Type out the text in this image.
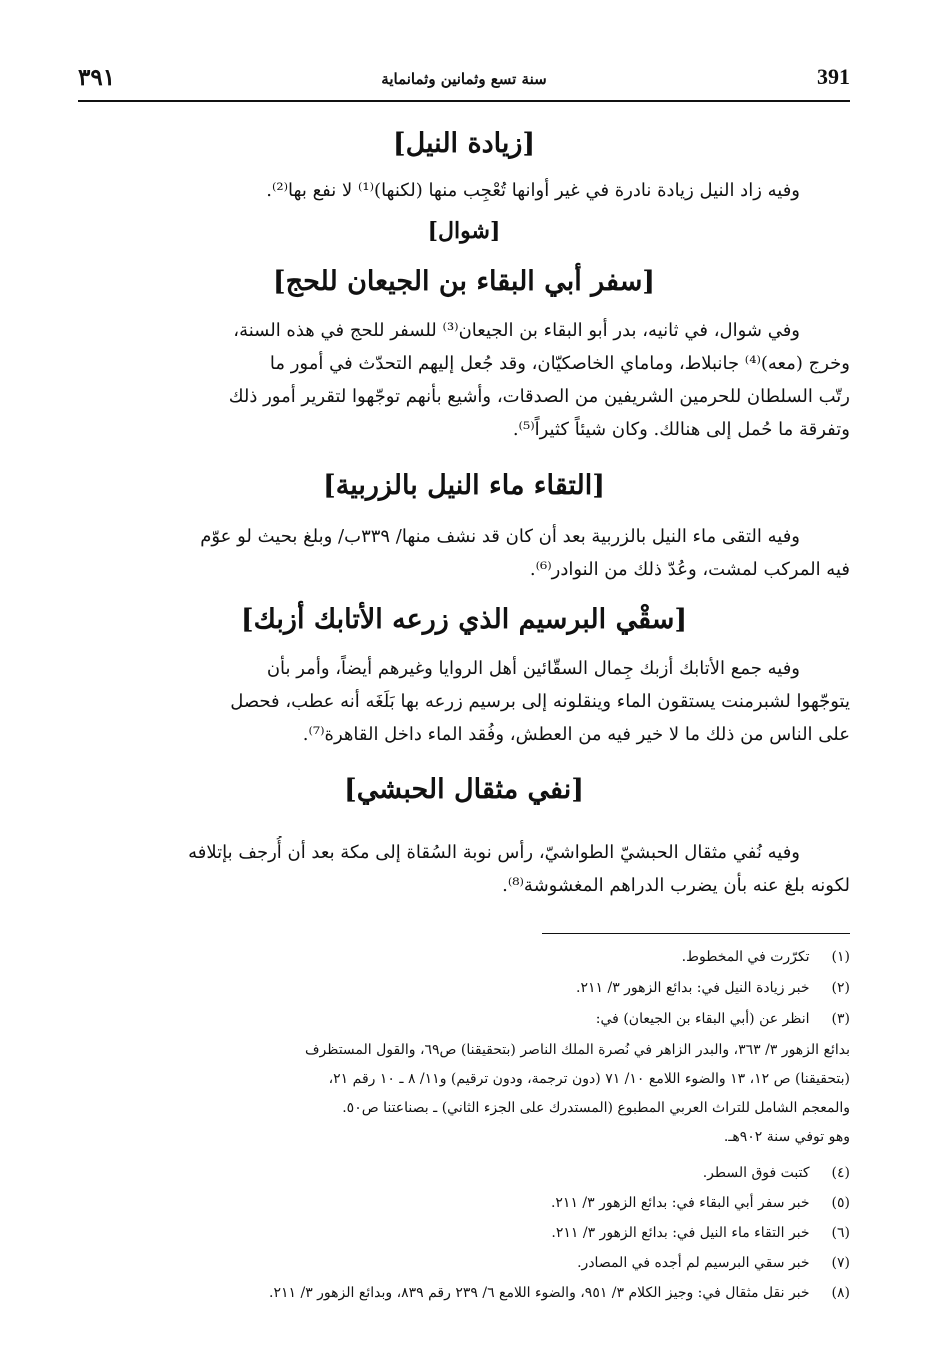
٣٩١	سنة تسع وثمانين وثمانماية	391
[زيادة النيل]
وفيه زاد النيل زيادة نادرة في غير أوانها تُعْجِب منها (لكنها)⁽¹⁾ لا نفع بها⁽²⁾.
[شوال]
[سفر أبي البقاء بن الجيعان للحج]
وفي شوال، في ثانيه، بدر أبو البقاء بن الجيعان⁽³⁾ للسفر للحج في هذه السنة،
وخرج (معه)⁽⁴⁾ جانبلاط، وماماي الخاصكيّان، وقد جُعل إليهم التحدّث في أمور ما
رتّب السلطان للحرمين الشريفين من الصدقات، وأشيع بأنهم توجّهوا لتقرير أمور ذلك
وتفرقة ما حُمل إلى هنالك. وكان شيئاً كثيراً⁽⁵⁾.
[التقاء ماء النيل بالزربية]
وفيه التقى ماء النيل بالزربية بعد أن كان قد نشف منها/ ٣٣٩ب/ وبلغ بحيث لو عوّم
فيه المركب لمشت، وعُدّ ذلك من النوادر⁽⁶⁾.
[سقْي البرسيم الذي زرعه الأتابك أزبك]
وفيه جمع الأتابك أزبك جِمال السقّائين أهل الروايا وغيرهم أيضاً، وأمر بأن
يتوجّهوا لشبرمنت يستقون الماء وينقلونه إلى برسيم زرعه بها بَلَغَه أنه عطب، فحصل
على الناس من ذلك ما لا خير فيه من العطش، وفُقد الماء داخل القاهرة⁽⁷⁾.
[نفي مثقال الحبشي]
وفيه نُفي مثقال الحبشيّ الطواشيّ، رأس نوبة السُقاة إلى مكة بعد أن أُرجف بإتلافه
لكونه بلغ عنه بأن يضرب الدراهم المغشوشة⁽⁸⁾.
(١) تكرّرت في المخطوط.
(٢) خبر زيادة النيل في: بدائع الزهور ٣/ ٢١١.
(٣) انظر عن (أبي البقاء بن الجيعان) في:
بدائع الزهور ٣/ ٣٦٣، والبدر الزاهر في نُصرة الملك الناصر (بتحقيقنا) ص٦٩، والقول المستظرف
(بتحقيقنا) ص ١٢، ١٣ والضوء اللامع ١٠/ ٧١ (دون ترجمة، ودون ترقيم) و١١/ ٨ ـ ١٠ رقم ٢١،
والمعجم الشامل للتراث العربي المطبوع (المستدرك على الجزء الثاني) ـ بصناعتنا ص٥٠.
وهو توفي سنة ٩٠٢هـ.
(٤) كتبت فوق السطر.
(٥) خبر سفر أبي البقاء في: بدائع الزهور ٣/ ٢١١.
(٦) خبر التقاء ماء النيل في: بدائع الزهور ٣/ ٢١١.
(٧) خبر سقي البرسيم لم أجده في المصادر.
(٨) خبر نقل مثقال في: وجيز الكلام ٣/ ٩٥١، والضوء اللامع ٦/ ٢٣٩ رقم ٨٣٩، وبدائع الزهور ٣/ ٢١١.
